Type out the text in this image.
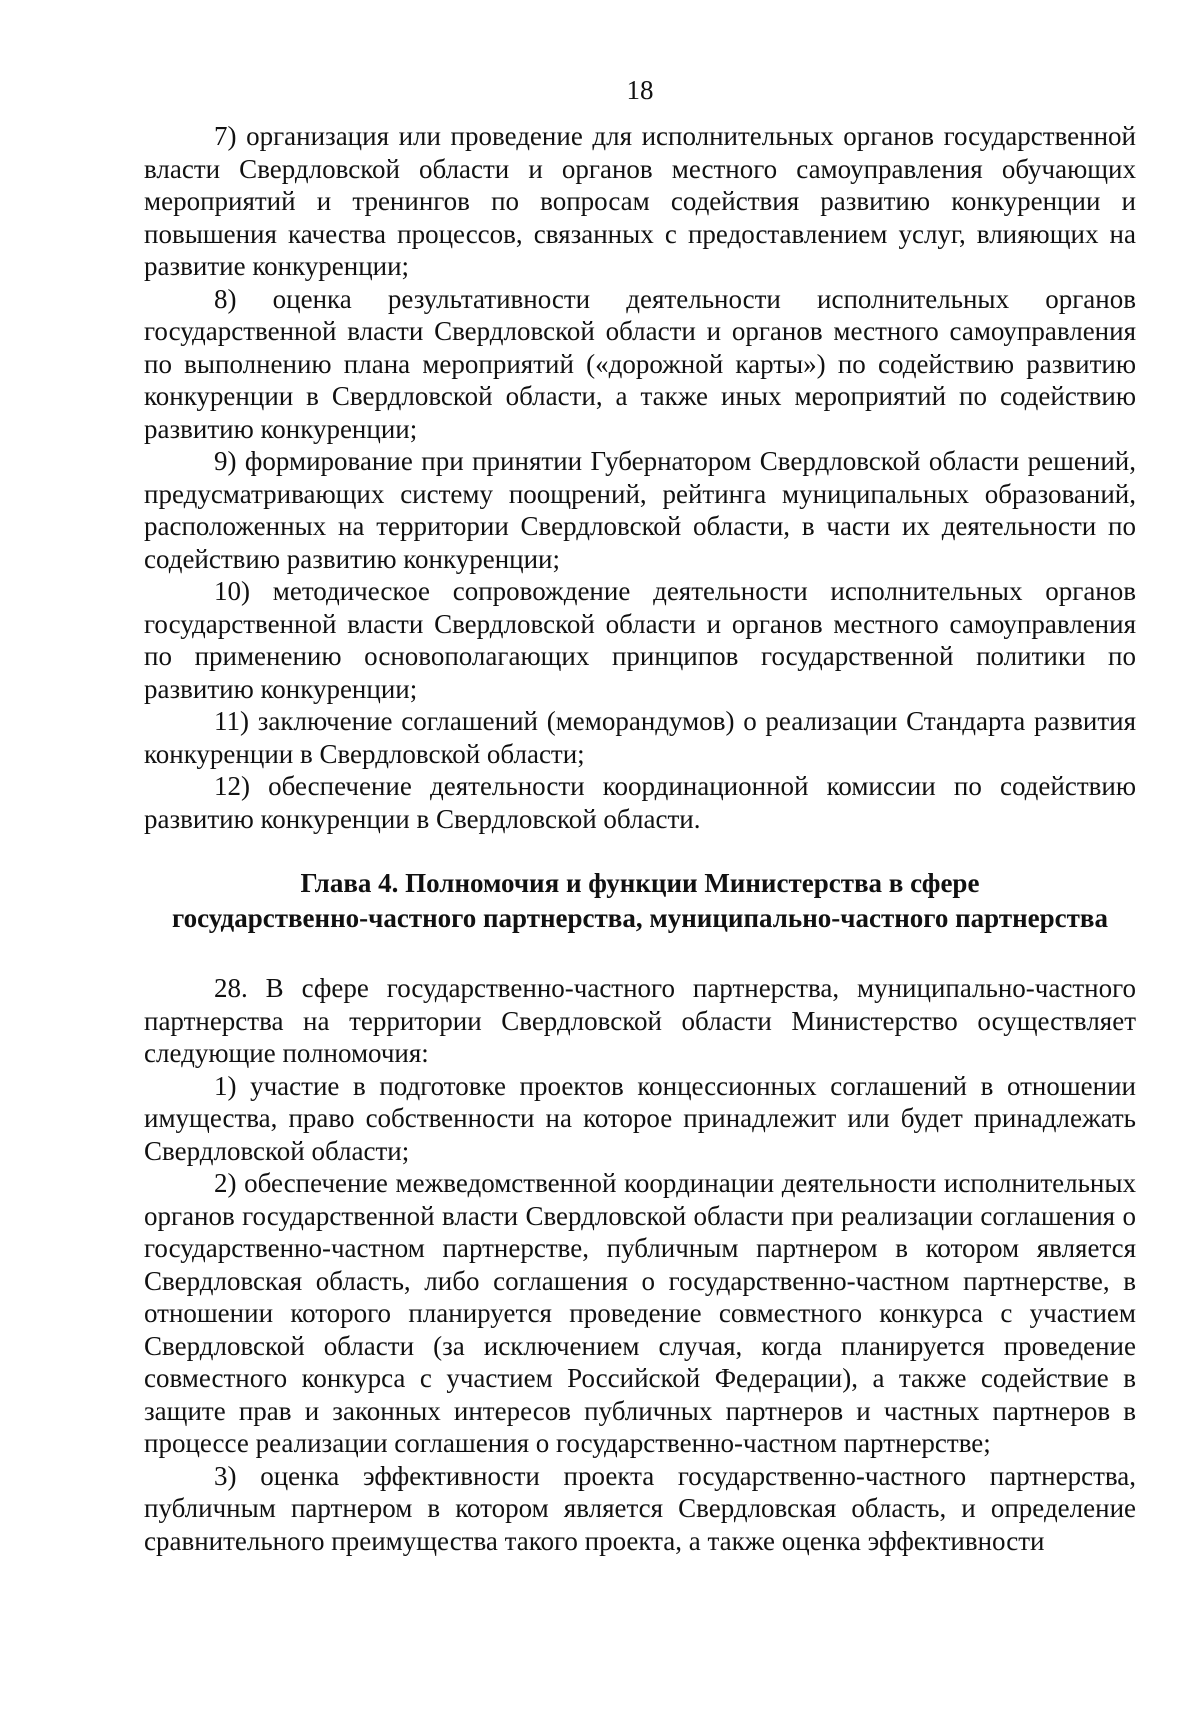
18

7) организация или проведение для исполнительных органов государственной власти Свердловской области и органов местного самоуправления обучающих мероприятий и тренингов по вопросам содействия развитию конкуренции и повышения качества процессов, связанных с предоставлением услуг, влияющих на развитие конкуренции;

8) оценка результативности деятельности исполнительных органов государственной власти Свердловской области и органов местного самоуправления по выполнению плана мероприятий («дорожной карты») по содействию развитию конкуренции в Свердловской области, а также иных мероприятий по содействию развитию конкуренции;

9) формирование при принятии Губернатором Свердловской области решений, предусматривающих систему поощрений, рейтинга муниципальных образований, расположенных на территории Свердловской области, в части их деятельности по содействию развитию конкуренции;

10) методическое сопровождение деятельности исполнительных органов государственной власти Свердловской области и органов местного самоуправления по применению основополагающих принципов государственной политики по развитию конкуренции;

11) заключение соглашений (меморандумов) о реализации Стандарта развития конкуренции в Свердловской области;

12) обеспечение деятельности координационной комиссии по содействию развитию конкуренции в Свердловской области.

Глава 4. Полномочия и функции Министерства в сфере
государственно-частного партнерства, муниципально-частного партнерства

28. В сфере государственно-частного партнерства, муниципально-частного партнерства на территории Свердловской области Министерство осуществляет следующие полномочия:

1) участие в подготовке проектов концессионных соглашений в отношении имущества, право собственности на которое принадлежит или будет принадлежать Свердловской области;

2) обеспечение межведомственной координации деятельности исполнительных органов государственной власти Свердловской области при реализации соглашения о государственно-частном партнерстве, публичным партнером в котором является Свердловская область, либо соглашения о государственно-частном партнерстве, в отношении которого планируется проведение совместного конкурса с участием Свердловской области (за исключением случая, когда планируется проведение совместного конкурса с участием Российской Федерации), а также содействие в защите прав и законных интересов публичных партнеров и частных партнеров в процессе реализации соглашения о государственно-частном партнерстве;

3) оценка эффективности проекта государственно-частного партнерства, публичным партнером в котором является Свердловская область, и определение сравнительного преимущества такого проекта, а также оценка эффективности
